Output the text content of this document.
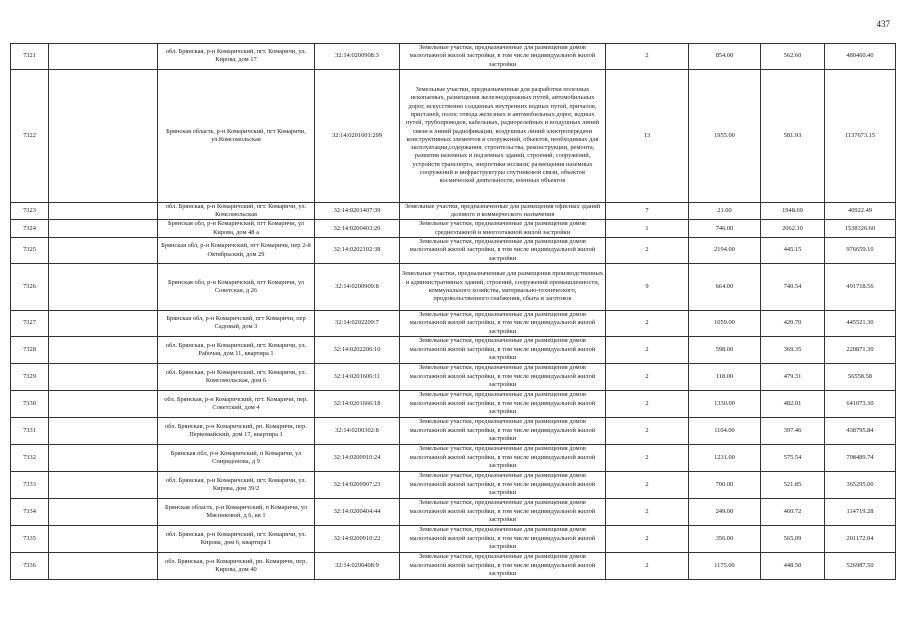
437
7321		обл. Брянская, р-н Комаричский, пгт. Комаричи, ул. Кирова, дом 17	32:14:0200908:3	Земельные участки, предназначенные для размещения домов малоэтажной жилой застройки, в том числе индивидуальной жилой застройки	2	854.00	562.60	480460.40
7322		Брянская область, р-н Комаричский, пгт Комаричи, ул.Комсомольская	32:14:0201601:299	Земельные участки, предназначенные для разработки полезных ископаемых, размещения железнодорожных путей, автомобильных дорог, искусственно созданных внутренних водных путей, причалов, пристаней, полос отвода железных и автомобильных дорог, водных путей, трубопроводов, кабельных, радиорелейных и воздушных линий связи и линий радиофикации, воздушных линий электропередачи конструктивных элементов и сооружений, объектов, необходимых для эксплуатации,содержания, строительства, реконструкции, ремонта, развития наземных и подземных зданий, строений, сооружений, устройств транспорта, энергетики иссвязи; размещения наземных сооружений и инфраструктуры спутниковой связи, объектов космической деятельности, военных объектов	13	1955.00	581.93	1137673.15
7323		обл. Брянская, р-н Комаричский, пгт. Комаричи, ул. Комсомольская	32:14:0201407:39	Земельные участки, предназначенные для размещения офисных зданий делового и коммерческого назначения	7	21.00	1948.69	40922.49
7324		Брянская обл, р-н Комаричский, пгт Комаричи, ул Кирова, дом 48 а	32:14:0200403:20	Земельные участки, предназначенные для размещения домов среднеэтажной и многоэтажной жилой застройки	1	746.00	2062.10	1538326.60
7325		Брянская обл, р-н Комаричский, пгт Комаричи, пер 2-й Октябрьский, дом 29	32:14:0202102:38	Земельные участки, предназначенные для размещения домов малоэтажной жилой застройки, в том числе индивидуальной жилой застройки	2	2194.00	445.15	976659.10
7326		Брянская обл, р-н Комаричский, пгт Комаричи, ул Советская, д 26	32:14:0200909:8	Земельные участки, предназначенные для размещения производственных и административных зданий, строений, сооружений промышленности, коммунального хозяйства, материально-технического, продовольственного снабжения, сбыта и заготовок	9	664.00	740.54	491718.56
7327		Брянская обл, р-н Комаричский, пгт Комаричи, пер Садовый, дом 3	32:14:0202209:7	Земельные участки, предназначенные для размещения домов малоэтажной жилой застройки, в том числе индивидуальной жилой застройки	2	1059.00	420.70	445521.30
7328		обл. Брянская, р-н Комаричский, пгт. Комаричи, ул. Рабочая, дом 11, квартира 1	32:14:0202206:10	Земельные участки, предназначенные для размещения домов малоэтажной жилой застройки, в том числе индивидуальной жилой застройки	2	598.00	369.35	220871.30
7329		обл. Брянская, р-н Комаричский, пгт. Комаричи, ул. Комсомольская, дом 6	32:14:0201606:11	Земельные участки, предназначенные для размещения домов малоэтажной жилой застройки, в том числе индивидуальной жилой застройки	2	118.00	479.31	56558.58
7330		обл. Брянская, р-н Комаричский, пгт. Комаричи, пер. Советский, дом 4	32:14:0201666:18	Земельные участки, предназначенные для размещения домов малоэтажной жилой застройки, в том числе индивидуальной жилой застройки	2	1330.00	482.01	641073.30
7331		обл. Брянская, р-н Комаричский, рп. Комаричи, пер. Первомайский, дом 17, квартира 1	32:14:0200302:8	Земельные участки, предназначенные для размещения домов малоэтажной жилой застройки, в том числе индивидуальной жилой застройки	2	1104.00	397.46	438795.84
7332		Брянская обл, р-н Комаричский, п Комаричи, ул Спиридонова, д 9	32:14:0200910:24	Земельные участки, предназначенные для размещения домов малоэтажной жилой застройки, в том числе индивидуальной жилой застройки	2	1231.00	575.54	708489.74
7333		обл. Брянская, р-н Комаричский, пгт. Комаричи, ул. Кирова, дом 39/2	32:14:0200907:23	Земельные участки, предназначенные для размещения домов малоэтажной жилой застройки, в том числе индивидуальной жилой застройки	2	700.00	521.85	365295.00
7334		Брянская область, р-н Комаричский, п Комаричи, ул Мясниковой, д 6, кв 1	32:14:0200404:44	Земельные участки, предназначенные для размещения домов малоэтажной жилой застройки, в том числе индивидуальной жилой застройки	2	249.00	460.72	114719.28
7335		обл. Брянская, р-н Комаричский, пгт. Комаричи, ул. Кирова, дом 6, квартира 1	32:14:0200910:22	Земельные участки, предназначенные для размещения домов малоэтажной жилой застройки, в том числе индивидуальной жилой застройки	2	356.00	565.09	201172.04
7336		обл. Брянская, р-н Комаричский, рп. Комаричи, пер. Кирова, дом 40	32:14:0200408:9	Земельные участки, предназначенные для размещения домов малоэтажной жилой застройки, в том числе индивидуальной жилой застройки	2	1175.00	448.50	526987.50
